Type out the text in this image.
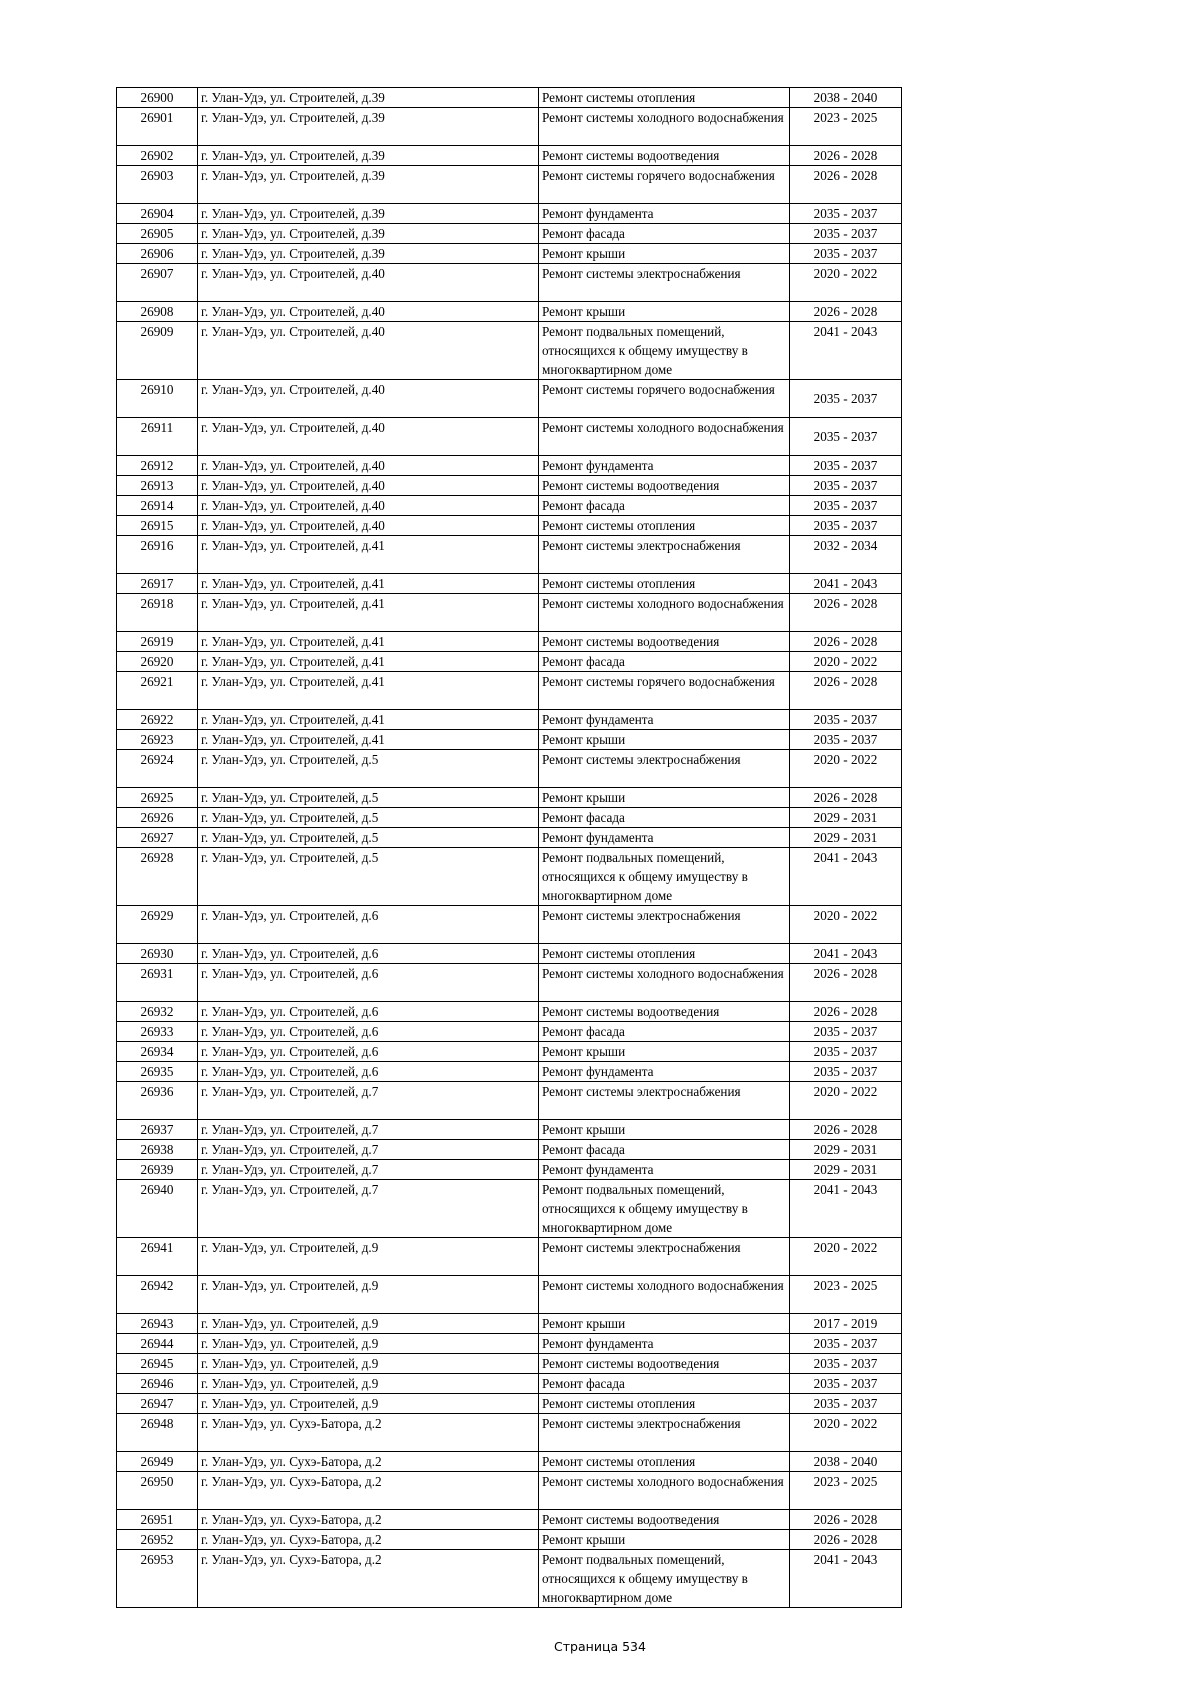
26900	г. Улан-Удэ, ул. Строителей, д.39	Ремонт системы отопления	2038 - 2040
26901	г. Улан-Удэ, ул. Строителей, д.39	Ремонт системы холодного водоснабжения	2023 - 2025
26902	г. Улан-Удэ, ул. Строителей, д.39	Ремонт системы водоотведения	2026 - 2028
26903	г. Улан-Удэ, ул. Строителей, д.39	Ремонт системы горячего водоснабжения	2026 - 2028
26904	г. Улан-Удэ, ул. Строителей, д.39	Ремонт фундамента	2035 - 2037
26905	г. Улан-Удэ, ул. Строителей, д.39	Ремонт фасада	2035 - 2037
26906	г. Улан-Удэ, ул. Строителей, д.39	Ремонт крыши	2035 - 2037
26907	г. Улан-Удэ, ул. Строителей, д.40	Ремонт системы электроснабжения	2020 - 2022
26908	г. Улан-Удэ, ул. Строителей, д.40	Ремонт крыши	2026 - 2028
26909	г. Улан-Удэ, ул. Строителей, д.40	Ремонт подвальных помещений, относящихся к общему имуществу в многоквартирном доме	2041 - 2043
26910	г. Улан-Удэ, ул. Строителей, д.40	Ремонт системы горячего водоснабжения	2035 - 2037
26911	г. Улан-Удэ, ул. Строителей, д.40	Ремонт системы холодного водоснабжения	2035 - 2037
26912	г. Улан-Удэ, ул. Строителей, д.40	Ремонт фундамента	2035 - 2037
26913	г. Улан-Удэ, ул. Строителей, д.40	Ремонт системы водоотведения	2035 - 2037
26914	г. Улан-Удэ, ул. Строителей, д.40	Ремонт фасада	2035 - 2037
26915	г. Улан-Удэ, ул. Строителей, д.40	Ремонт системы отопления	2035 - 2037
26916	г. Улан-Удэ, ул. Строителей, д.41	Ремонт системы электроснабжения	2032 - 2034
26917	г. Улан-Удэ, ул. Строителей, д.41	Ремонт системы отопления	2041 - 2043
26918	г. Улан-Удэ, ул. Строителей, д.41	Ремонт системы холодного водоснабжения	2026 - 2028
26919	г. Улан-Удэ, ул. Строителей, д.41	Ремонт системы водоотведения	2026 - 2028
26920	г. Улан-Удэ, ул. Строителей, д.41	Ремонт фасада	2020 - 2022
26921	г. Улан-Удэ, ул. Строителей, д.41	Ремонт системы горячего водоснабжения	2026 - 2028
26922	г. Улан-Удэ, ул. Строителей, д.41	Ремонт фундамента	2035 - 2037
26923	г. Улан-Удэ, ул. Строителей, д.41	Ремонт крыши	2035 - 2037
26924	г. Улан-Удэ, ул. Строителей, д.5	Ремонт системы электроснабжения	2020 - 2022
26925	г. Улан-Удэ, ул. Строителей, д.5	Ремонт крыши	2026 - 2028
26926	г. Улан-Удэ, ул. Строителей, д.5	Ремонт фасада	2029 - 2031
26927	г. Улан-Удэ, ул. Строителей, д.5	Ремонт фундамента	2029 - 2031
26928	г. Улан-Удэ, ул. Строителей, д.5	Ремонт подвальных помещений, относящихся к общему имуществу в многоквартирном доме	2041 - 2043
26929	г. Улан-Удэ, ул. Строителей, д.6	Ремонт системы электроснабжения	2020 - 2022
26930	г. Улан-Удэ, ул. Строителей, д.6	Ремонт системы отопления	2041 - 2043
26931	г. Улан-Удэ, ул. Строителей, д.6	Ремонт системы холодного водоснабжения	2026 - 2028
26932	г. Улан-Удэ, ул. Строителей, д.6	Ремонт системы водоотведения	2026 - 2028
26933	г. Улан-Удэ, ул. Строителей, д.6	Ремонт фасада	2035 - 2037
26934	г. Улан-Удэ, ул. Строителей, д.6	Ремонт крыши	2035 - 2037
26935	г. Улан-Удэ, ул. Строителей, д.6	Ремонт фундамента	2035 - 2037
26936	г. Улан-Удэ, ул. Строителей, д.7	Ремонт системы электроснабжения	2020 - 2022
26937	г. Улан-Удэ, ул. Строителей, д.7	Ремонт крыши	2026 - 2028
26938	г. Улан-Удэ, ул. Строителей, д.7	Ремонт фасада	2029 - 2031
26939	г. Улан-Удэ, ул. Строителей, д.7	Ремонт фундамента	2029 - 2031
26940	г. Улан-Удэ, ул. Строителей, д.7	Ремонт подвальных помещений, относящихся к общему имуществу в многоквартирном доме	2041 - 2043
26941	г. Улан-Удэ, ул. Строителей, д.9	Ремонт системы электроснабжения	2020 - 2022
26942	г. Улан-Удэ, ул. Строителей, д.9	Ремонт системы холодного водоснабжения	2023 - 2025
26943	г. Улан-Удэ, ул. Строителей, д.9	Ремонт крыши	2017 - 2019
26944	г. Улан-Удэ, ул. Строителей, д.9	Ремонт фундамента	2035 - 2037
26945	г. Улан-Удэ, ул. Строителей, д.9	Ремонт системы водоотведения	2035 - 2037
26946	г. Улан-Удэ, ул. Строителей, д.9	Ремонт фасада	2035 - 2037
26947	г. Улан-Удэ, ул. Строителей, д.9	Ремонт системы отопления	2035 - 2037
26948	г. Улан-Удэ, ул. Сухэ-Батора, д.2	Ремонт системы электроснабжения	2020 - 2022
26949	г. Улан-Удэ, ул. Сухэ-Батора, д.2	Ремонт системы отопления	2038 - 2040
26950	г. Улан-Удэ, ул. Сухэ-Батора, д.2	Ремонт системы холодного водоснабжения	2023 - 2025
26951	г. Улан-Удэ, ул. Сухэ-Батора, д.2	Ремонт системы водоотведения	2026 - 2028
26952	г. Улан-Удэ, ул. Сухэ-Батора, д.2	Ремонт крыши	2026 - 2028
26953	г. Улан-Удэ, ул. Сухэ-Батора, д.2	Ремонт подвальных помещений, относящихся к общему имуществу в многоквартирном доме	2041 - 2043
Страница 534
